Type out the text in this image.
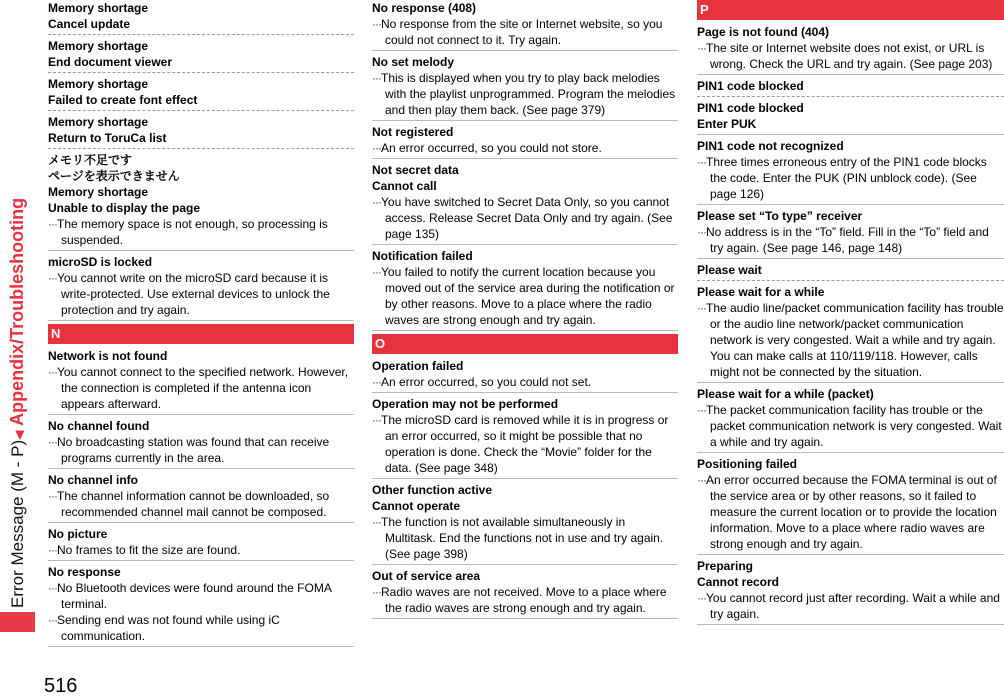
Error Message (M - P)◀ Appendix/Troubleshooting
516
Memory shortage
Cancel update
Memory shortage
End document viewer
Memory shortage
Failed to create font effect
Memory shortage
Return to ToruCa list
メモリ不足です
ページを表示できません
Memory shortage
Unable to display the page
···The memory space is not enough, so processing is suspended.
microSD is locked
···You cannot write on the microSD card because it is write-protected. Use external devices to unlock the protection and try again.
N
Network is not found
···You cannot connect to the specified network. However, the connection is completed if the antenna icon appears afterward.
No channel found
···No broadcasting station was found that can receive programs currently in the area.
No channel info
···The channel information cannot be downloaded, so recommended channel mail cannot be composed.
No picture
···No frames to fit the size are found.
No response
···No Bluetooth devices were found around the FOMA terminal.
···Sending end was not found while using iC communication.
No response (408)
···No response from the site or Internet website, so you could not connect to it. Try again.
No set melody
···This is displayed when you try to play back melodies with the playlist unprogrammed. Program the melodies and then play them back. (See page 379)
Not registered
···An error occurred, so you could not store.
Not secret data
Cannot call
···You have switched to Secret Data Only, so you cannot access. Release Secret Data Only and try again. (See page 135)
Notification failed
···You failed to notify the current location because you moved out of the service area during the notification or by other reasons. Move to a place where the radio waves are strong enough and try again.
O
Operation failed
···An error occurred, so you could not set.
Operation may not be performed
···The microSD card is removed while it is in progress or an error occurred, so it might be possible that no operation is done. Check the “Movie” folder for the data. (See page 348)
Other function active
Cannot operate
···The function is not available simultaneously in Multitask. End the functions not in use and try again. (See page 398)
Out of service area
···Radio waves are not received. Move to a place where the radio waves are strong enough and try again.
P
Page is not found (404)
···The site or Internet website does not exist, or URL is wrong. Check the URL and try again. (See page 203)
PIN1 code blocked
PIN1 code blocked
Enter PUK
PIN1 code not recognized
···Three times erroneous entry of the PIN1 code blocks the code. Enter the PUK (PIN unblock code). (See page 126)
Please set “To type” receiver
···No address is in the “To” field. Fill in the “To” field and try again. (See page 146, page 148)
Please wait
Please wait for a while
···The audio line/packet communication facility has trouble or the audio line network/packet communication network is very congested. Wait a while and try again. You can make calls at 110/119/118. However, calls might not be connected by the situation.
Please wait for a while (packet)
···The packet communication facility has trouble or the packet communication network is very congested. Wait a while and try again.
Positioning failed
···An error occurred because the FOMA terminal is out of the service area or by other reasons, so it failed to measure the current location or to provide the location information. Move to a place where radio waves are strong enough and try again.
Preparing
Cannot record
···You cannot record just after recording. Wait a while and try again.
